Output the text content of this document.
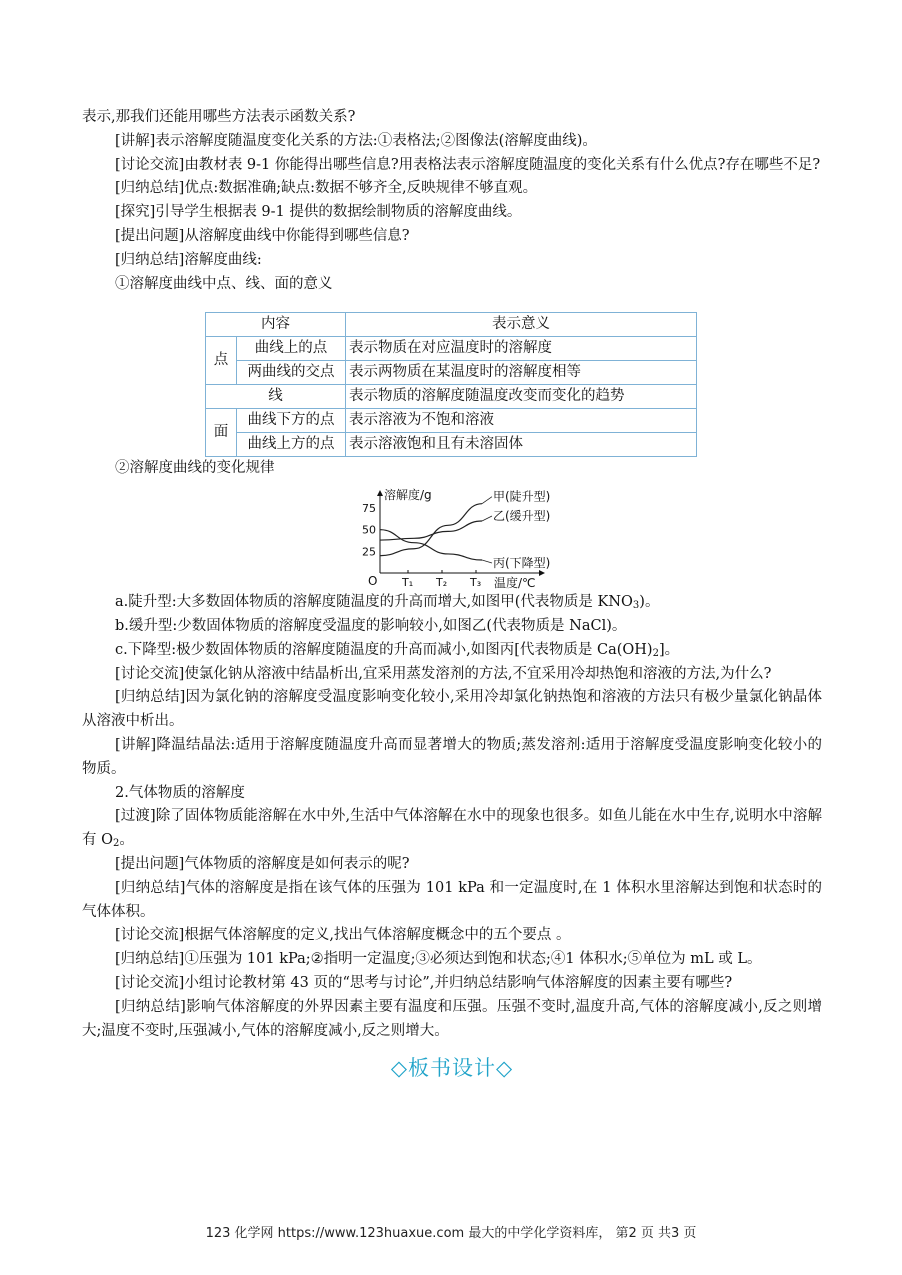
表示,那我们还能用哪些方法表示函数关系?

[讲解]表示溶解度随温度变化关系的方法:①表格法;②图像法(溶解度曲线)。

[讨论交流]由教材表 9-1 你能得出哪些信息?用表格法表示溶解度随温度的变化关系有什么优点?存在哪些不足?

[归纳总结]优点:数据准确;缺点:数据不够齐全,反映规律不够直观。

[探究]引导学生根据表 9-1 提供的数据绘制物质的溶解度曲线。

[提出问题]从溶解度曲线中你能得到哪些信息?

[归纳总结]溶解度曲线:

①溶解度曲线中点、线、面的意义

内容		表示意义
点	曲线上的点	表示物质在对应温度时的溶解度
	两曲线的交点	表示两物质在某温度时的溶解度相等
线		表示物质的溶解度随温度改变而变化的趋势
面	曲线下方的点	表示溶液为不饱和溶液
	曲线上方的点	表示溶液饱和且有未溶固体

②溶解度曲线的变化规律

溶解度/g
温度/℃
O
25
50
75
T₁ T₂ T₃
甲(陡升型)
乙(缓升型)
丙(下降型)

a.陡升型:大多数固体物质的溶解度随温度的升高而增大,如图甲(代表物质是 $KNO_3$)。

b.缓升型:少数固体物质的溶解度受温度的影响较小,如图乙(代表物质是 NaCl)。

c.下降型:极少数固体物质的溶解度随温度的升高而减小,如图丙[代表物质是 $Ca(OH)_2$]。

[讨论交流]使氯化钠从溶液中结晶析出,宜采用蒸发溶剂的方法,不宜采用冷却热饱和溶液的方法,为什么?

[归纳总结]因为氯化钠的溶解度受温度影响变化较小,采用冷却氯化钠热饱和溶液的方法只有极少量氯化钠晶体从溶液中析出。

[讲解]降温结晶法:适用于溶解度随温度升高而显著增大的物质;蒸发溶剂:适用于溶解度受温度影响变化较小的物质。

2.气体物质的溶解度

[过渡]除了固体物质能溶解在水中外,生活中气体溶解在水中的现象也很多。如鱼儿能在水中生存,说明水中溶解有 $O_2$。

[提出问题]气体物质的溶解度是如何表示的呢?

[归纳总结]气体的溶解度是指在该气体的压强为 101 kPa 和一定温度时,在 1 体积水里溶解达到饱和状态时的气体体积。

[讨论交流]根据气体溶解度的定义,找出气体溶解度概念中的五个要点 。

[归纳总结]①压强为 101 kPa;②指明一定温度;③必须达到饱和状态;④1 体积水;⑤单位为 mL 或 L。

[讨论交流]小组讨论教材第 43 页的“思考与讨论”,并归纳总结影响气体溶解度的因素主要有哪些?

[归纳总结]影响气体溶解度的外界因素主要有温度和压强。压强不变时,温度升高,气体的溶解度减小,反之则增大;温度不变时,压强减小,气体的溶解度减小,反之则增大。

◇板书设计◇
123 化学网 https://www.123huaxue.com 最大的中学化学资料库， 第2 页 共3 页
